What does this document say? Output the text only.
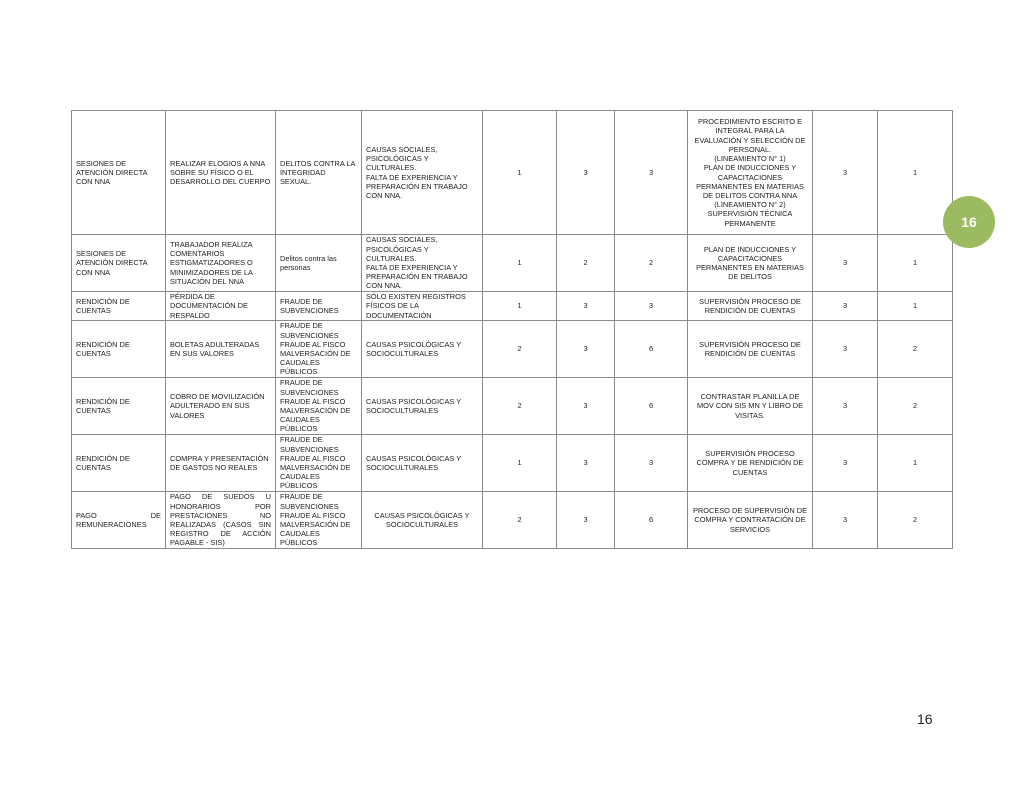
SESIONES DE ATENCIÓN DIRECTA CON NNA	REALIZAR ELOGIOS A NNA SOBRE SU FÍSICO O EL DESARROLLO DEL CUERPO	DELITOS CONTRA LA INTEGRIDAD SEXUAL.	CAUSAS SOCIALES, PSICOLÓGICAS Y CULTURALES.
FALTA DE EXPERIENCIA Y PREPARACIÓN EN TRABAJO CON NNA.	1	3	3	PROCEDIMIENTO ESCRITO E INTEGRAL PARA LA EVALUACIÓN Y SELECCIÓN DE PERSONAL.
(LINEAMIENTO N° 1)
PLAN DE INDUCCIONES Y CAPACITACIONES PERMANENTES EN MATERIAS DE DELITOS CONTRA NNA
(LINEAMIENTO N° 2)
SUPERVISIÓN TÉCNICA PERMANENTE	3	1
SESIONES DE ATENCIÓN DIRECTA CON NNA	TRABAJADOR REALIZA COMENTARIOS ESTIGMATIZADORES O MINIMIZADORES DE LA SITUACIÓN DEL NNA	Delitos contra las personas	CAUSAS SOCIALES, PSICOLÓGICAS Y CULTURALES.
FALTA DE EXPERIENCIA Y PREPARACIÓN EN TRABAJO CON NNA.	1	2	2	PLAN DE INDUCCIONES Y CAPACITACIONES PERMANENTES EN MATERIAS DE DELITOS	3	1
RENDICIÓN DE CUENTAS	PÉRDIDA DE DOCUMENTACIÓN DE RESPALDO	FRAUDE DE SUBVENCIONES	SÓLO EXISTEN REGISTROS FÍSICOS DE LA DOCUMENTACIÓN	1	3	3	SUPERVISIÓN PROCESO DE RENDICIÓN DE CUENTAS	3	1
RENDICIÓN DE CUENTAS	BOLETAS ADULTERADAS EN SUS VALORES	FRAUDE DE SUBVENCIONES
FRAUDE AL FISCO
MALVERSACIÓN DE CAUDALES PÚBLICOS	CAUSAS PSICOLÓGICAS Y SOCIOCULTURALES	2	3	6	SUPERVISIÓN PROCESO DE RENDICIÓN DE CUENTAS	3	2
RENDICIÓN DE CUENTAS	COBRO DE MOVILIZACIÓN ADULTERADO EN SUS VALORES	FRAUDE DE SUBVENCIONES
FRAUDE AL FISCO
MALVERSACIÓN DE CAUDALES PÚBLICOS	CAUSAS PSICOLÓGICAS Y SOCIOCULTURALES	2	3	6	CONTRASTAR PLANILLA DE MOV CON SIS MN Y LIBRO DE VISITAS.	3	2
RENDICIÓN DE CUENTAS	COMPRA Y PRESENTACIÓN DE GASTOS NO REALES	FRAUDE DE SUBVENCIONES
FRAUDE AL FISCO
MALVERSACIÓN DE CAUDALES PÚBLICOS	CAUSAS PSICOLÓGICAS Y SOCIOCULTURALES	1	3	3	SUPERVISIÓN PROCESO COMPRA Y DE RENDICIÓN DE CUENTAS	3	1
PAGO DE REMUNERACIONES	PAGO DE SUEDOS U HONORARIOS POR PRESTACIONES NO REALIZADAS (CASOS SIN REGISTRO DE ACCIÓN PAGABLE - SIS)	FRAUDE DE SUBVENCIONES
FRAUDE AL FISCO
MALVERSACIÓN DE CAUDALES PÚBLICOS	CAUSAS PSICOLÓGICAS Y SOCIOCULTURALES	2	3	6	PROCESO DE SUPERVISIÓN DE COMPRA Y CONTRATACIÓN DE SERVICIOS	3	2
16
16
